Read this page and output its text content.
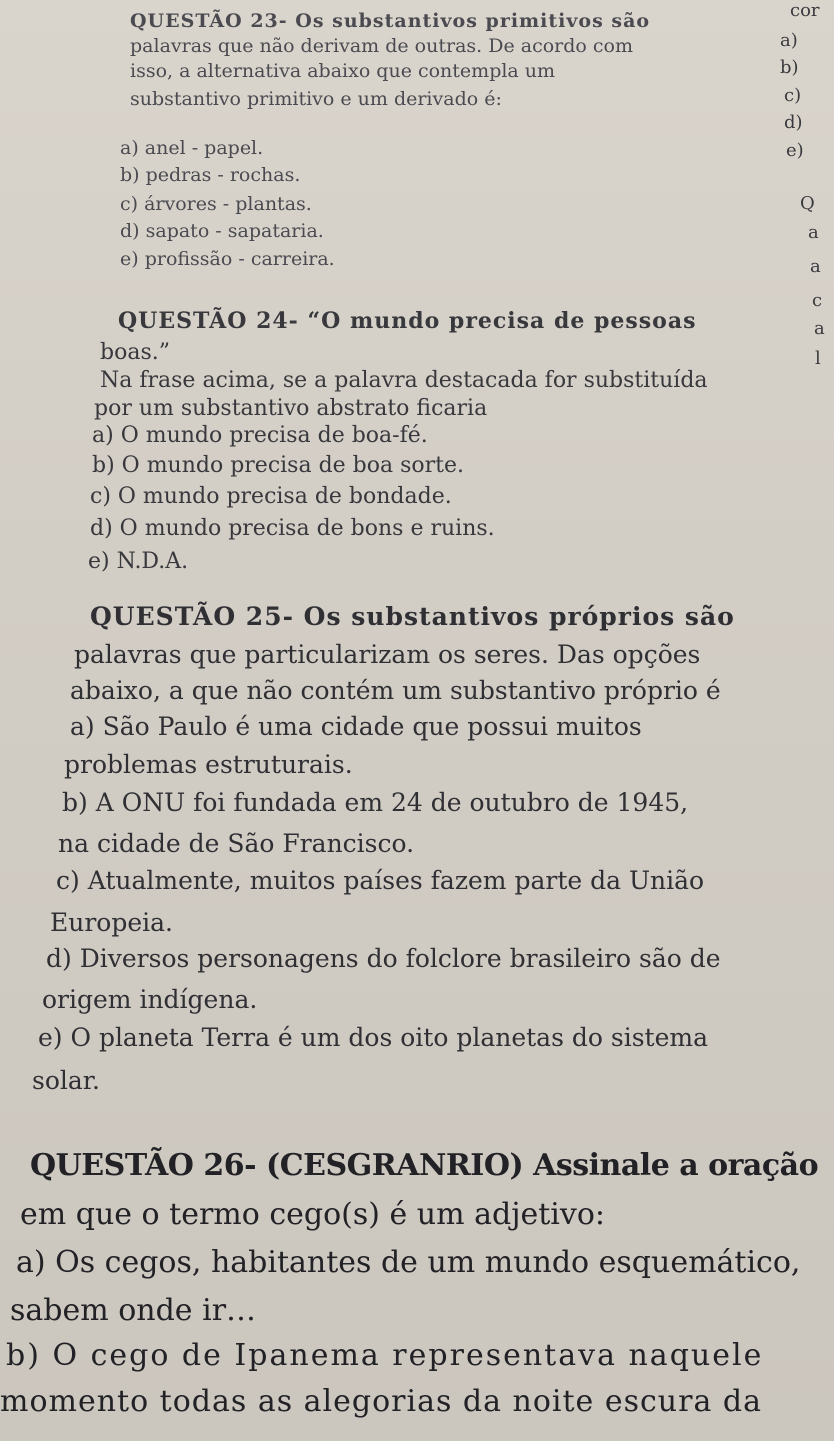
QUESTÃO 23- Os substantivos primitivos são
palavras que não derivam de outras. De acordo com
isso, a alternativa abaixo que contempla um
substantivo primitivo e um derivado é:
a) anel - papel.
b) pedras - rochas.
c) árvores - plantas.
d) sapato - sapataria.
e) profissão - carreira.
QUESTÃO 24- “O mundo precisa de pessoas
boas.”
Na frase acima, se a palavra destacada for substituída
por um substantivo abstrato ficaria
a) O mundo precisa de boa-fé.
b) O mundo precisa de boa sorte.
c) O mundo precisa de bondade.
d) O mundo precisa de bons e ruins.
e) N.D.A.
QUESTÃO 25- Os substantivos próprios são
palavras que particularizam os seres. Das opções
abaixo, a que não contém um substantivo próprio é
a) São Paulo é uma cidade que possui muitos
problemas estruturais.
b) A ONU foi fundada em 24 de outubro de 1945,
na cidade de São Francisco.
c) Atualmente, muitos países fazem parte da União
Europeia.
d) Diversos personagens do folclore brasileiro são de
origem indígena.
e) O planeta Terra é um dos oito planetas do sistema
solar.
QUESTÃO 26- (CESGRANRIO) Assinale a oração
em que o termo cego(s) é um adjetivo:
a) Os cegos, habitantes de um mundo esquemático,
sabem onde ir…
b) O cego de Ipanema representava naquele
momento todas as alegorias da noite escura da
cor
a)
b)
c)
d)
e)
Q
a
a
c
a
l
